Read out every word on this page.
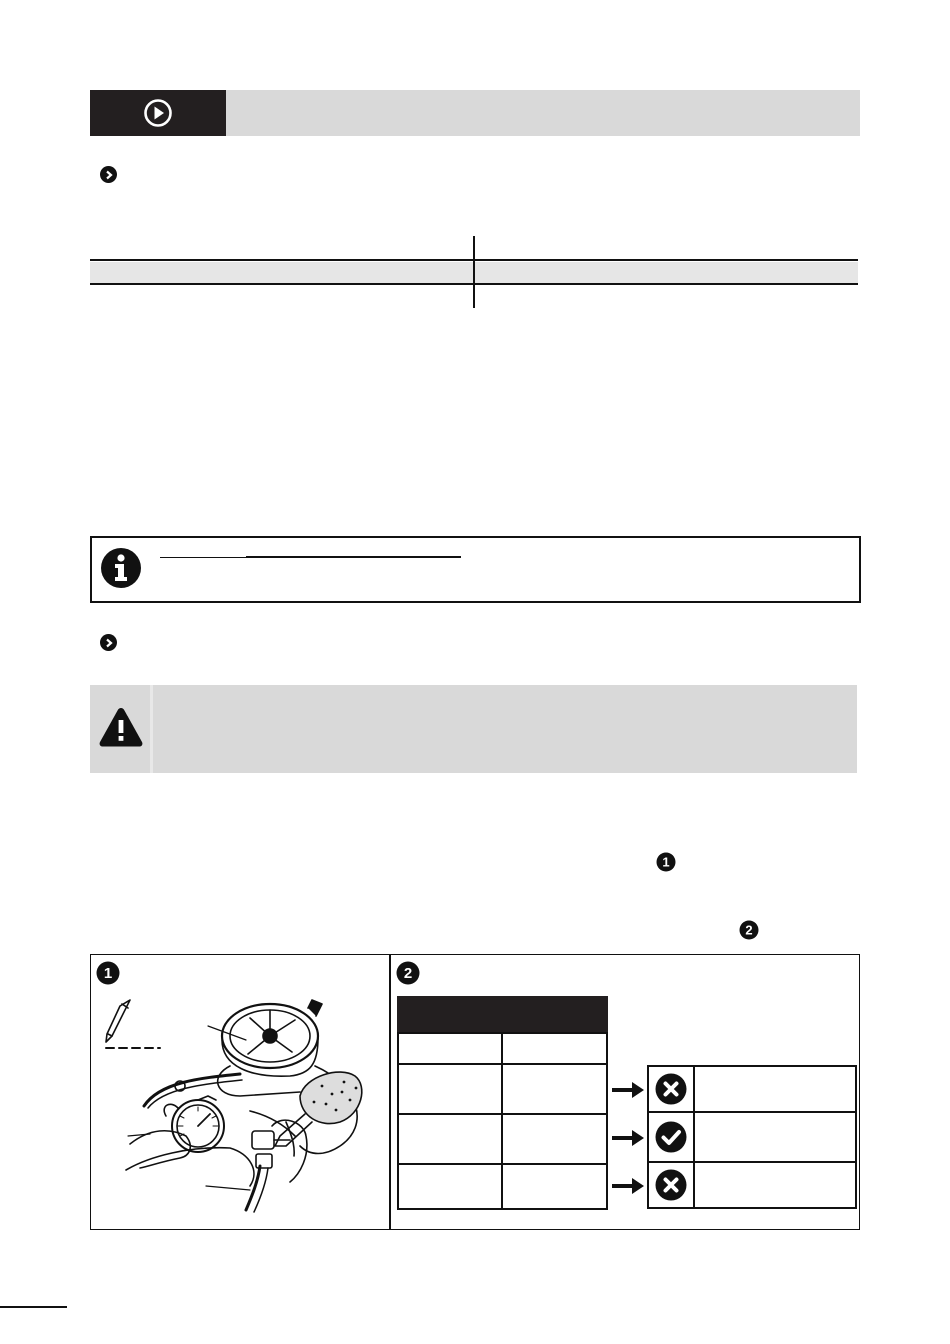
1
2
1	2
